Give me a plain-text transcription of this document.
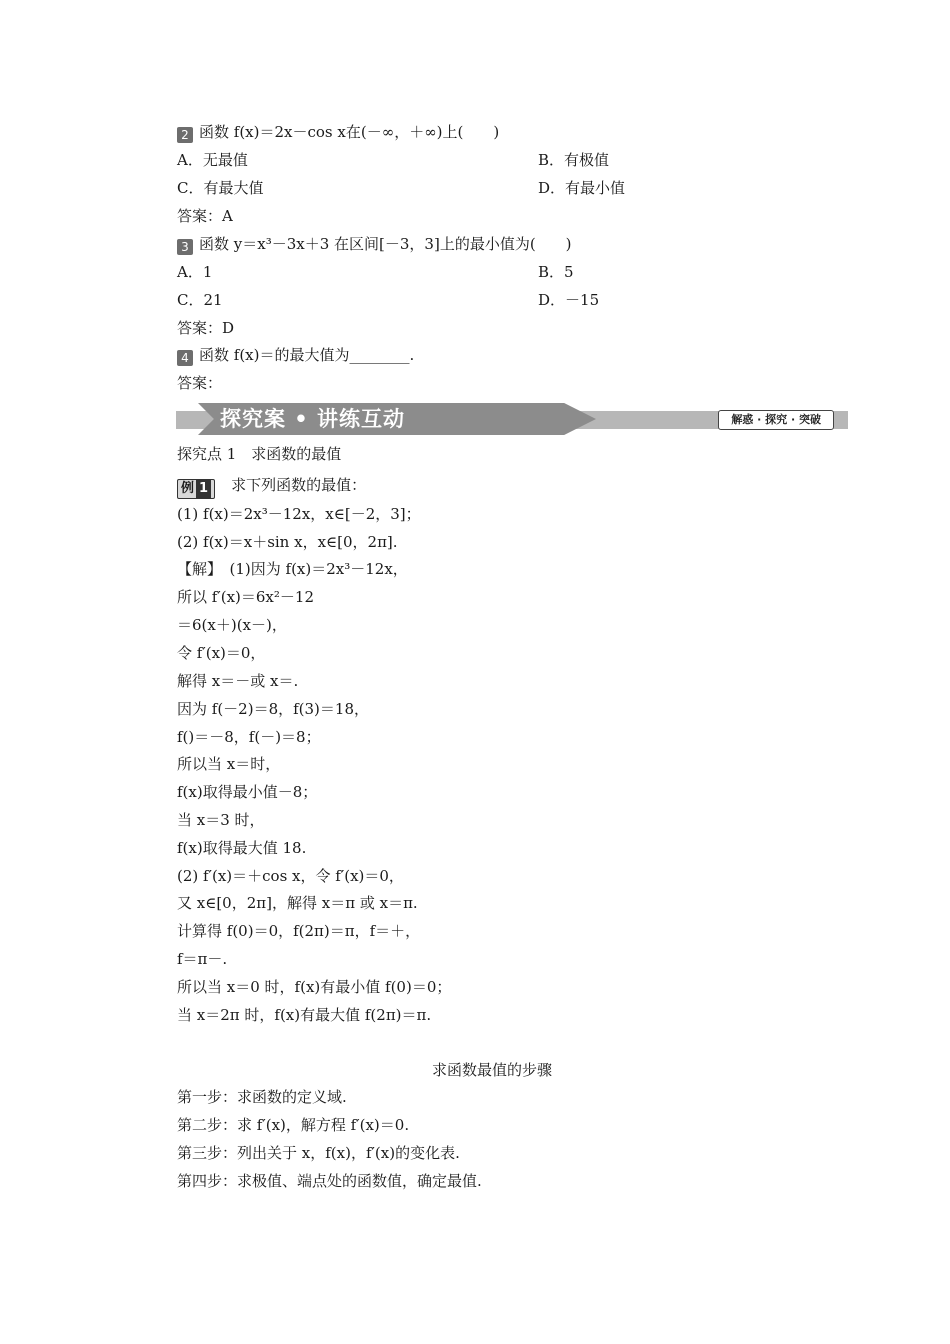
2 函数 f(x)＝2x－cos x在(－∞，＋∞)上(　　)
A．无最值	B．有极值
C．有最大值	D．有最小值
答案：A
3 函数 y＝x³－3x＋3 在区间[－3，3]上的最小值为(　　)
A．1	B．5
C．21	D．－15
答案：D
4 函数 f(x)＝的最大值为________.
答案：
探究案 • 讲练互动	解惑 · 探究 · 突破
探究点 1　求函数的最值
例 1 求下列函数的最值：
(1) f(x)＝2x³－12x，x∈[－2，3]；
(2) f(x)＝x＋sin x，x∈[0，2π].
【解】　(1)因为 f(x)＝2x³－12x，
所以 f′(x)＝6x²－12
＝6(x＋)(x－)，
令 f′(x)＝0，
解得 x＝－或 x＝.
因为 f(－2)＝8，f(3)＝18，
f()＝－8，f(－)＝8；
所以当 x＝时，
f(x)取得最小值－8；
当 x＝3 时，
f(x)取得最大值 18.
(2) f′(x)＝＋cos x，令 f′(x)＝0，
又 x∈[0，2π]，解得 x＝π 或 x＝π.
计算得 f(0)＝0，f(2π)＝π，f＝＋，
f＝π－.
所以当 x＝0 时，f(x)有最小值 f(0)＝0；
当 x＝2π 时，f(x)有最大值 f(2π)＝π.
求函数最值的步骤
第一步：求函数的定义域.
第二步：求 f′(x)，解方程 f′(x)＝0.
第三步：列出关于 x，f(x)，f′(x)的变化表.
第四步：求极值、端点处的函数值，确定最值.
